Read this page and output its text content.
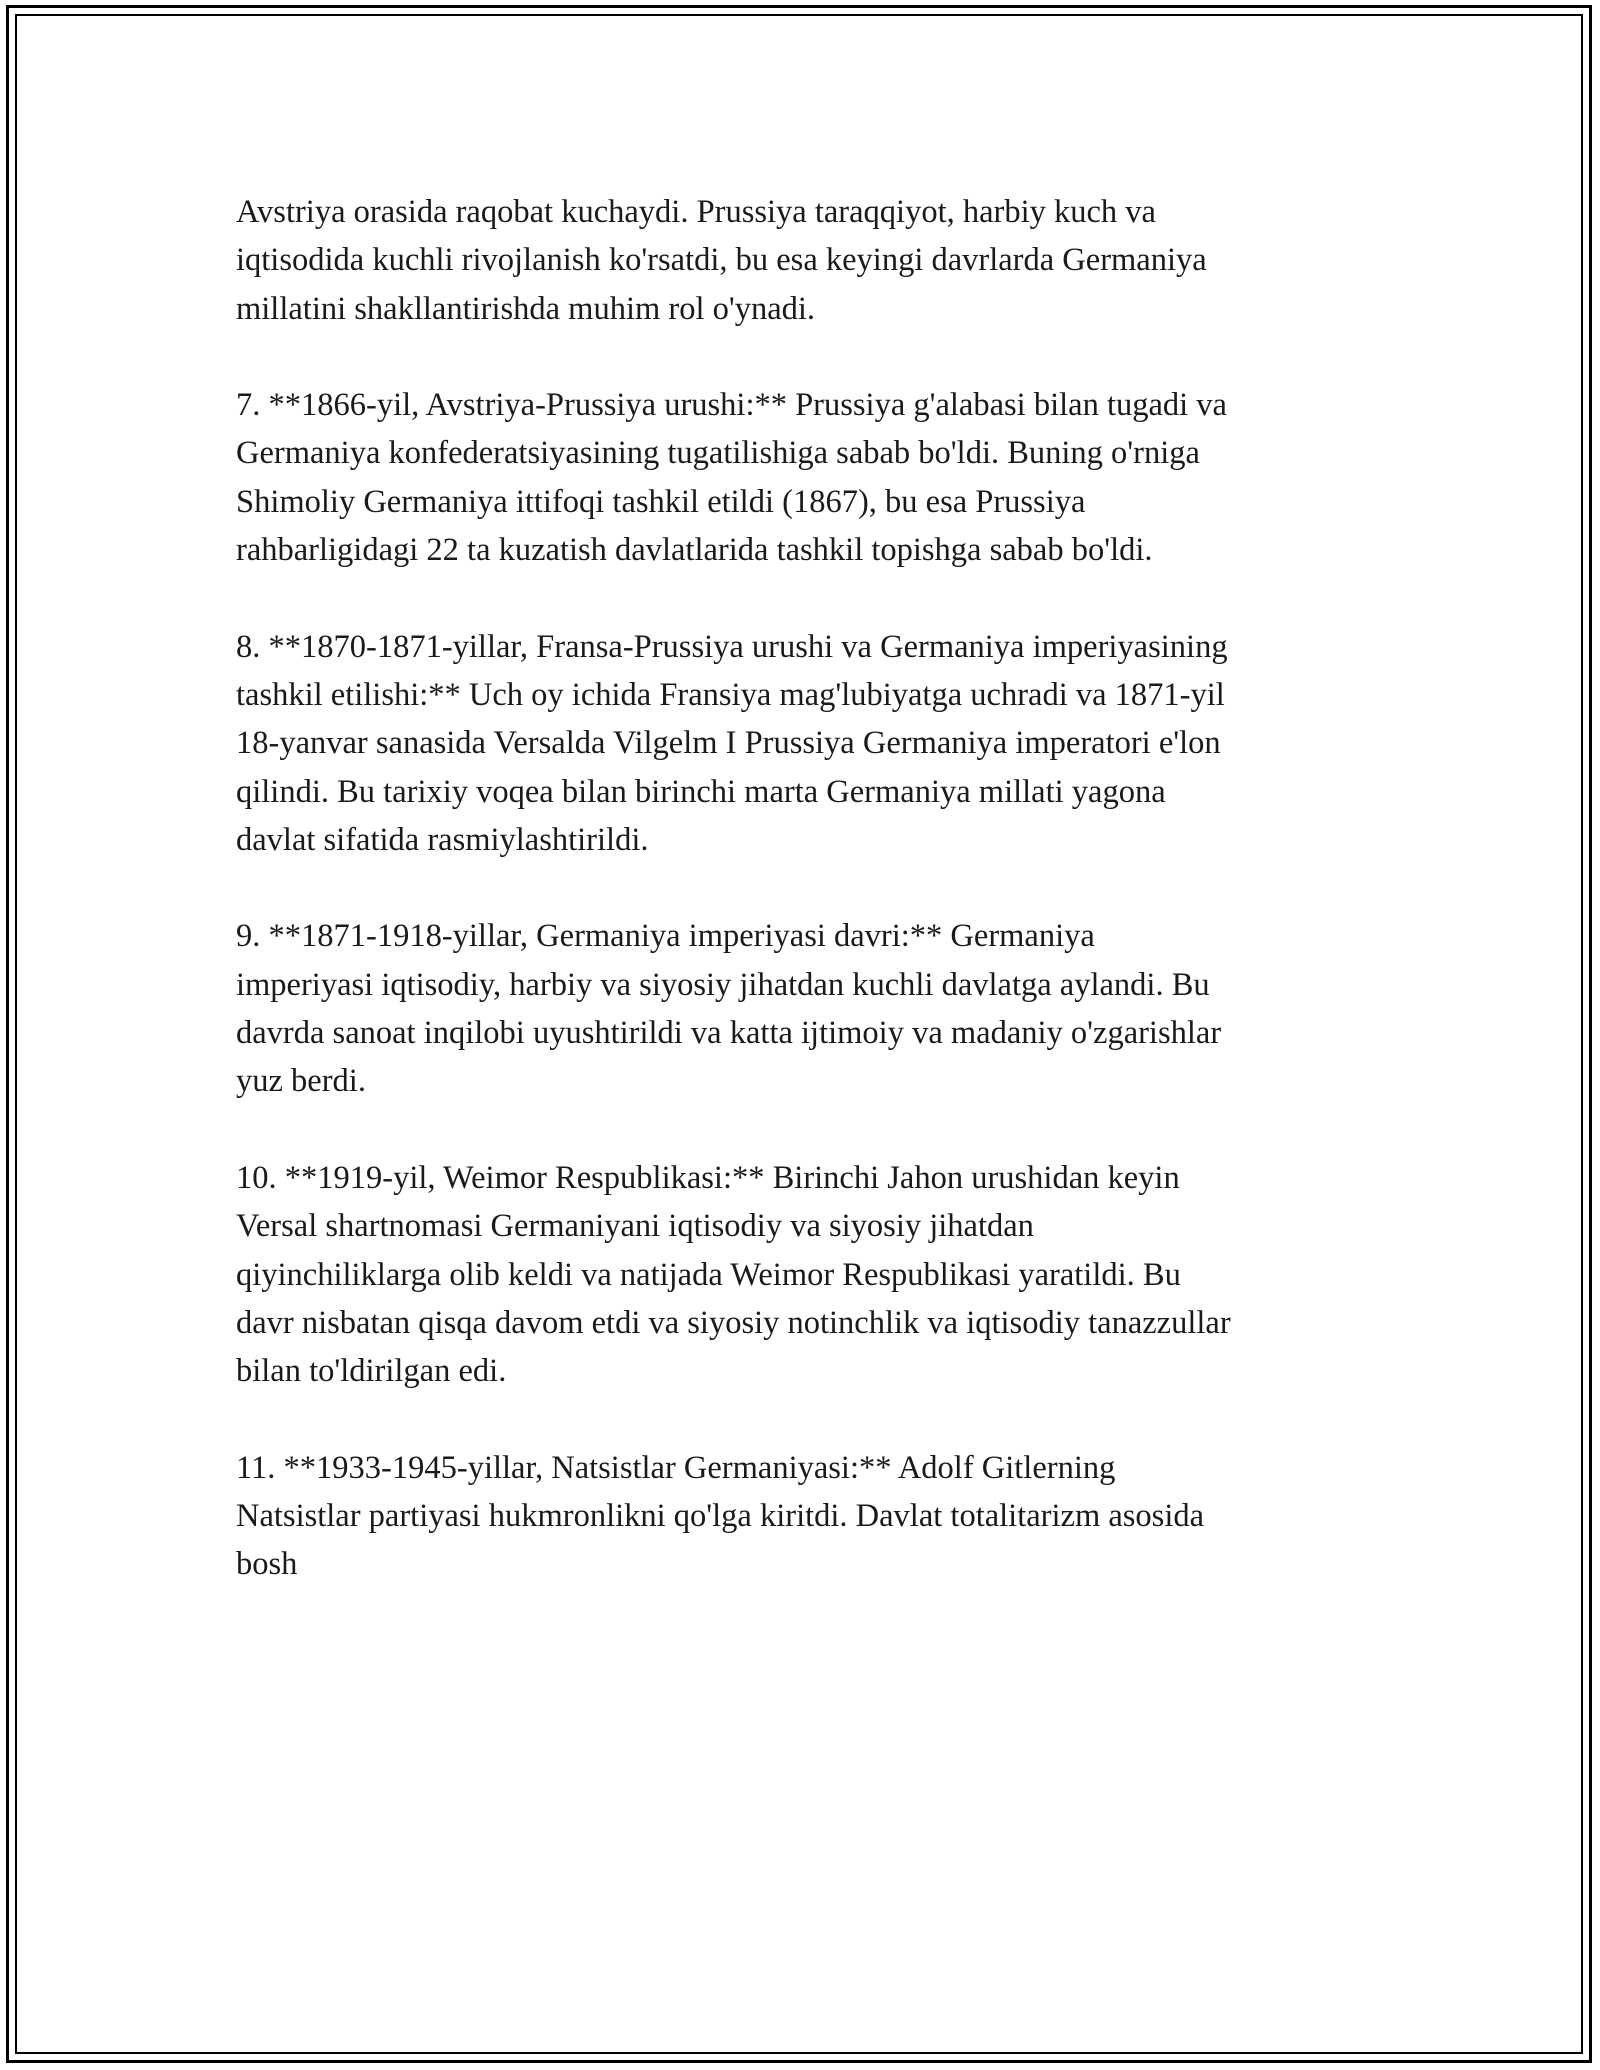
Avstriya orasida raqobat kuchaydi. Prussiya taraqqiyot, harbiy kuch va
iqtisodida kuchli rivojlanish ko'rsatdi, bu esa keyingi davrlarda Germaniya
millatini shakllantirishda muhim rol o'ynadi.

7. **1866-yil, Avstriya-Prussiya urushi:** Prussiya g'alabasi bilan tugadi va
Germaniya konfederatsiyasining tugatilishiga sabab bo'ldi. Buning o'rniga
Shimoliy Germaniya ittifoqi tashkil etildi (1867), bu esa Prussiya
rahbarligidagi 22 ta kuzatish davlatlarida tashkil topishga sabab bo'ldi.

8. **1870-1871-yillar, Fransa-Prussiya urushi va Germaniya imperiyasining
tashkil etilishi:** Uch oy ichida Fransiya mag'lubiyatga uchradi va 1871-yil
18-yanvar sanasida Versalda Vilgelm I Prussiya Germaniya imperatori e'lon
qilindi. Bu tarixiy voqea bilan birinchi marta Germaniya millati yagona
davlat sifatida rasmiylashtirildi.

9. **1871-1918-yillar, Germaniya imperiyasi davri:** Germaniya
imperiyasi iqtisodiy, harbiy va siyosiy jihatdan kuchli davlatga aylandi. Bu
davrda sanoat inqilobi uyushtirildi va katta ijtimoiy va madaniy o'zgarishlar
yuz berdi.

10. **1919-yil, Weimor Respublikasi:** Birinchi Jahon urushidan keyin
Versal shartnomasi Germaniyani iqtisodiy va siyosiy jihatdan
qiyinchiliklarga olib keldi va natijada Weimor Respublikasi yaratildi. Bu
davr nisbatan qisqa davom etdi va siyosiy notinchlik va iqtisodiy tanazzullar
bilan to'ldirilgan edi.

11. **1933-1945-yillar, Natsistlar Germaniyasi:** Adolf Gitlerning
Natsistlar partiyasi hukmronlikni qo'lga kiritdi. Davlat totalitarizm asosida
bosh
